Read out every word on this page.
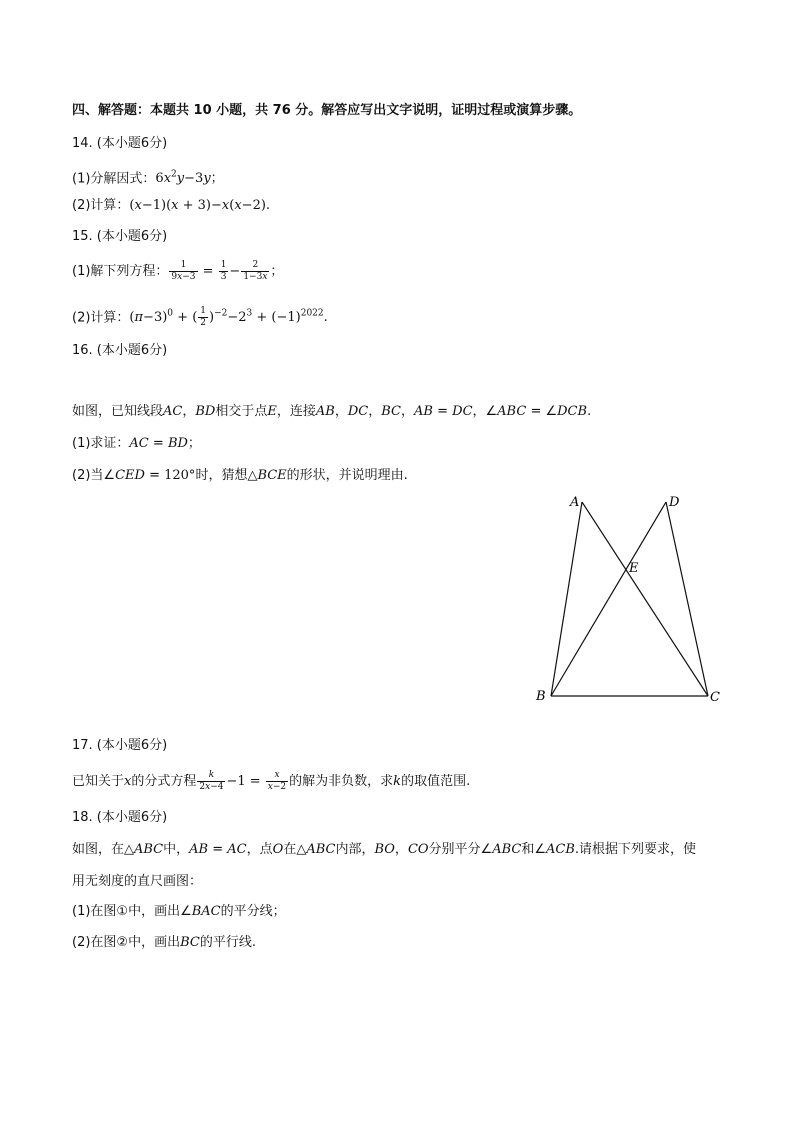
四、解答题：本题共 10 小题，共 76 分。解答应写出文字说明，证明过程或演算步骤。
14. (本小题6分)
(1)分解因式：$6x^2y-3y$；
(2)计算：(x−1)(x + 3)−x(x−2).
15. (本小题6分)
(1)解下列方程： $\frac{1}{9x-3} = \frac{1}{3} - \frac{2}{1-3x}$ ；
(2)计算：$(\pi-3)^0$ + ( $\frac{1}{2} )^{-2}-2^3 + (-1)^{2022}$.
16. (本小题6分)
如图，已知线段AC，BD相交于点E，连接AB，DC，BC，AB = DC，∠ABC = ∠DCB.
(1)求证：AC = BD；
(2)当∠CED = 120°时，猜想△BCE的形状，并说明理由.
A	D
E
B	C
17. (本小题6分)
已知关于x的分式方程 $\frac{k}{2x-4} -1 = \frac{x}{x-2}$ 的解为非负数，求k的取值范围.
18. (本小题6分)
如图，在△ABC中，AB = AC，点O在△ABC内部，BO，CO分别平分∠ABC和∠ACB.请根据下列要求，使
用无刻度的直尺画图：
(1)在图①中，画出∠BAC的平分线；
(2)在图②中，画出BC的平行线.
